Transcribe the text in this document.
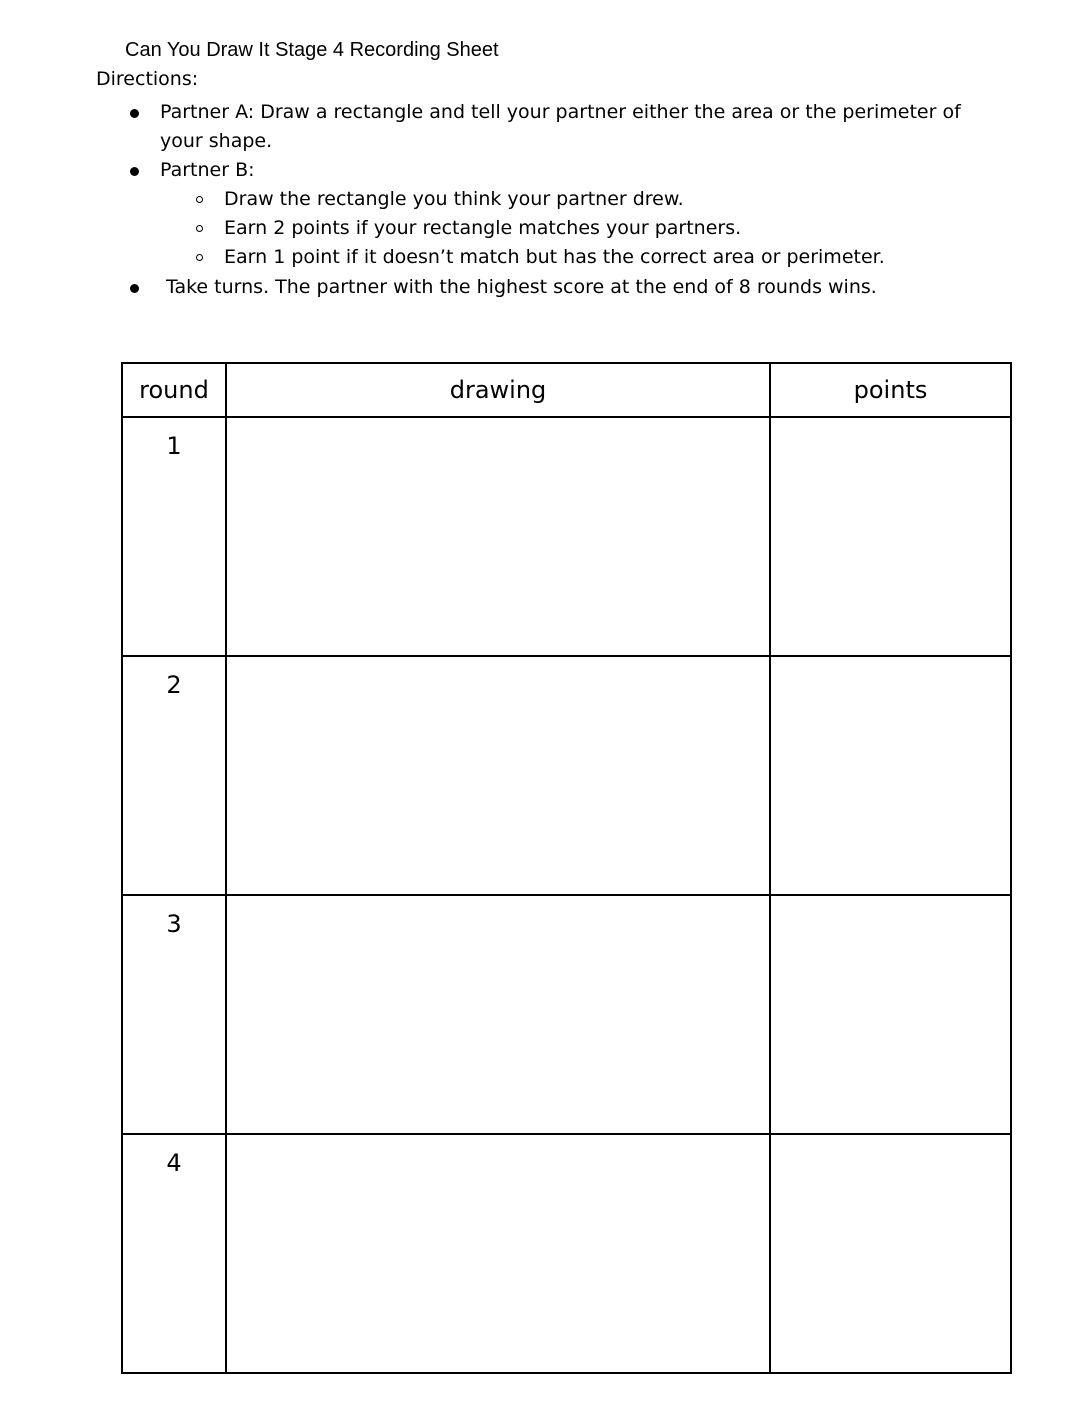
Can You Draw It Stage 4 Recording Sheet
Directions:
Partner A: Draw a rectangle and tell your partner either the area or the perimeter of
your shape.
Partner B:
Draw the rectangle you think your partner drew.
Earn 2 points if your rectangle matches your partners.
Earn 1 point if it doesn’t match but has the correct area or perimeter.
Take turns. The partner with the highest score at the end of 8 rounds wins.
round	drawing	points
1		
2		
3		
4		
